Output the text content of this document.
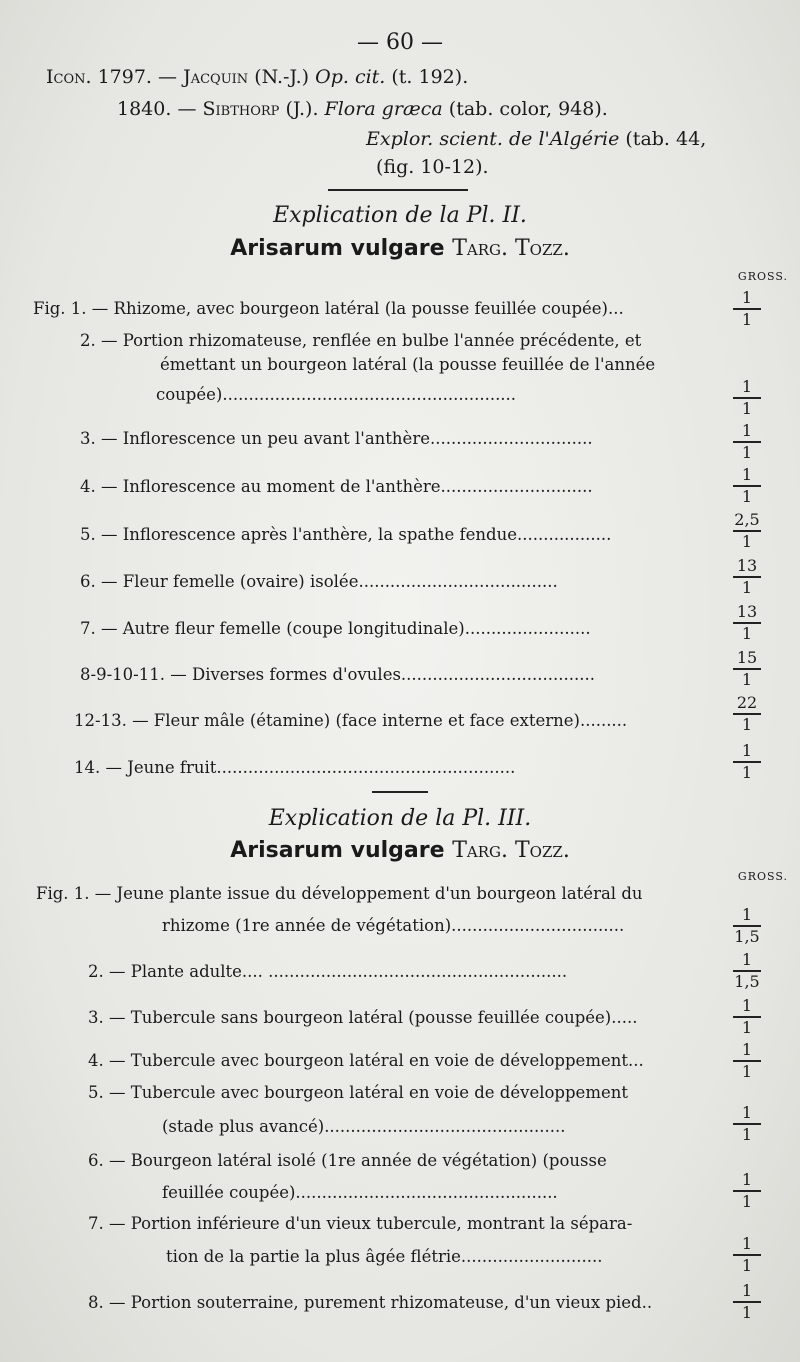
— 60 —
Icon. 1797. — Jacquin (N.-J.) Op. cit. (t. 192).
1840. — Sibthorp (J.). Flora græca (tab. color, 948).
Explor. scient. de l'Algérie (tab. 44,
(fig. 10-12).
Explication de la Pl. II.
Arisarum vulgare Targ. Tozz.
GROSS.
Fig. 1. — Rhizome, avec bourgeon latéral (la pousse feuillée coupée)...
1
1
2. — Portion rhizomateuse, renflée en bulbe l'année précédente, et
émettant un bourgeon latéral (la pousse feuillée de l'année
coupée)........................................................	1
1
3. — Inflorescence un peu avant l'anthère...............................	1
1
4. — Inflorescence au moment de l'anthère.............................
1
1
5. — Inflorescence après l'anthère, la spathe fendue..................
2,5
1
6. — Fleur femelle (ovaire) isolée......................................
13
1
7. — Autre fleur femelle (coupe longitudinale)........................
13
1
8-9-10-11. — Diverses formes d'ovules.....................................
15
1
12-13. — Fleur mâle (étamine) (face interne et face externe).........
22
1
14. — Jeune fruit.........................................................
1
1
Explication de la Pl. III.
Arisarum vulgare Targ. Tozz.
GROSS.
Fig. 1. — Jeune plante issue du développement d'un bourgeon latéral du
rhizome (1re année de végétation).................................
1
1,5
2. — Plante adulte.... .........................................................
1
1,5
3. — Tubercule sans bourgeon latéral (pousse feuillée coupée).....
1
1
4. — Tubercule avec bourgeon latéral en voie de développement...
1
1
5. — Tubercule avec bourgeon latéral en voie de développement
(stade plus avancé)..............................................
1
1
6. — Bourgeon latéral isolé (1re année de végétation) (pousse
feuillée coupée)..................................................
1
1
7. — Portion inférieure d'un vieux tubercule, montrant la sépara-
tion de la partie la plus âgée flétrie...........................
1
1
8. — Portion souterraine, purement rhizomateuse, d'un vieux pied..
1
1
